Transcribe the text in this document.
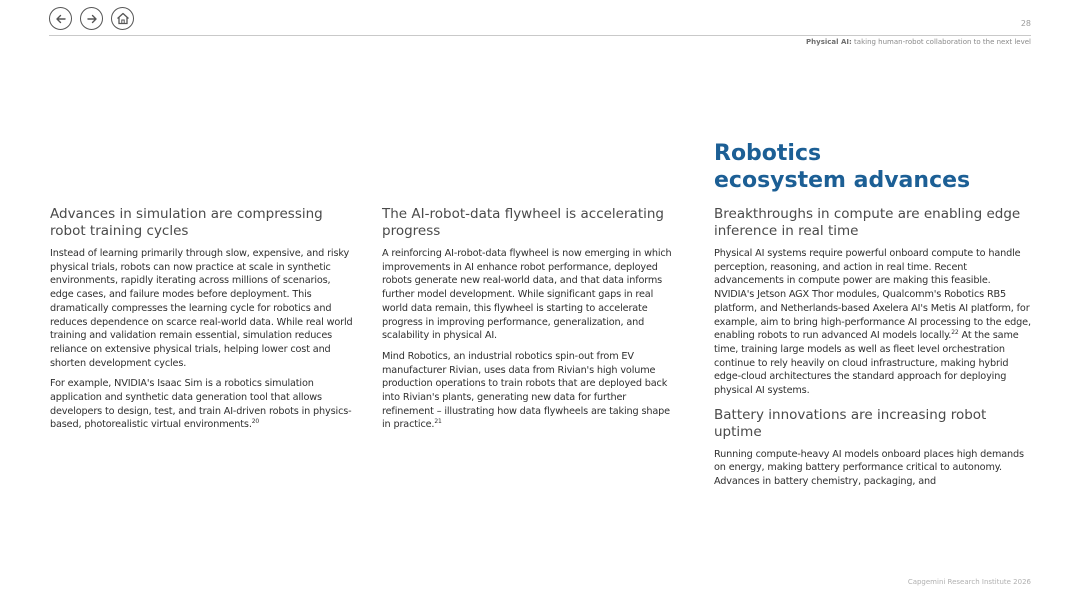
28
Physical AI: taking human-robot collaboration to the next level
Robotics
ecosystem advances
Advances in simulation are compressing robot training cycles

Instead of learning primarily through slow, expensive, and risky physical trials, robots can now practice at scale in synthetic environments, rapidly iterating across millions of scenarios, edge cases, and failure modes before deployment. This dramatically compresses the learning cycle for robotics and reduces dependence on scarce real-world data. While real world training and validation remain essential, simulation reduces reliance on extensive physical trials, helping lower cost and shorten development cycles.

For example, NVIDIA's Isaac Sim is a robotics simulation application and synthetic data generation tool that allows developers to design, test, and train AI-driven robots in physics-based, photorealistic virtual environments.$^{20}$

The AI-robot-data flywheel is accelerating progress

A reinforcing AI-robot-data flywheel is now emerging in which improvements in AI enhance robot performance, deployed robots generate new real-world data, and that data informs further model development. While significant gaps in real world data remain, this flywheel is starting to accelerate progress in improving performance, generalization, and scalability in physical AI.

Mind Robotics, an industrial robotics spin-out from EV manufacturer Rivian, uses data from Rivian's high volume production operations to train robots that are deployed back into Rivian's plants, generating new data for further refinement – illustrating how data flywheels are taking shape in practice.$^{21}$

Breakthroughs in compute are enabling edge inference in real time

Physical AI systems require powerful onboard compute to handle perception, reasoning, and action in real time. Recent advancements in compute power are making this feasible. NVIDIA's Jetson AGX Thor modules, Qualcomm's Robotics RB5 platform, and Netherlands-based Axelera AI's Metis AI platform, for example, aim to bring high-performance AI processing to the edge, enabling robots to run advanced AI models locally.$^{22}$ At the same time, training large models as well as fleet level orchestration continue to rely heavily on cloud infrastructure, making hybrid edge-cloud architectures the standard approach for deploying physical AI systems.

Battery innovations are increasing robot uptime

Running compute-heavy AI models onboard places high demands on energy, making battery performance critical to autonomy. Advances in battery chemistry, packaging, and

Capgemini Research Institute 2026
